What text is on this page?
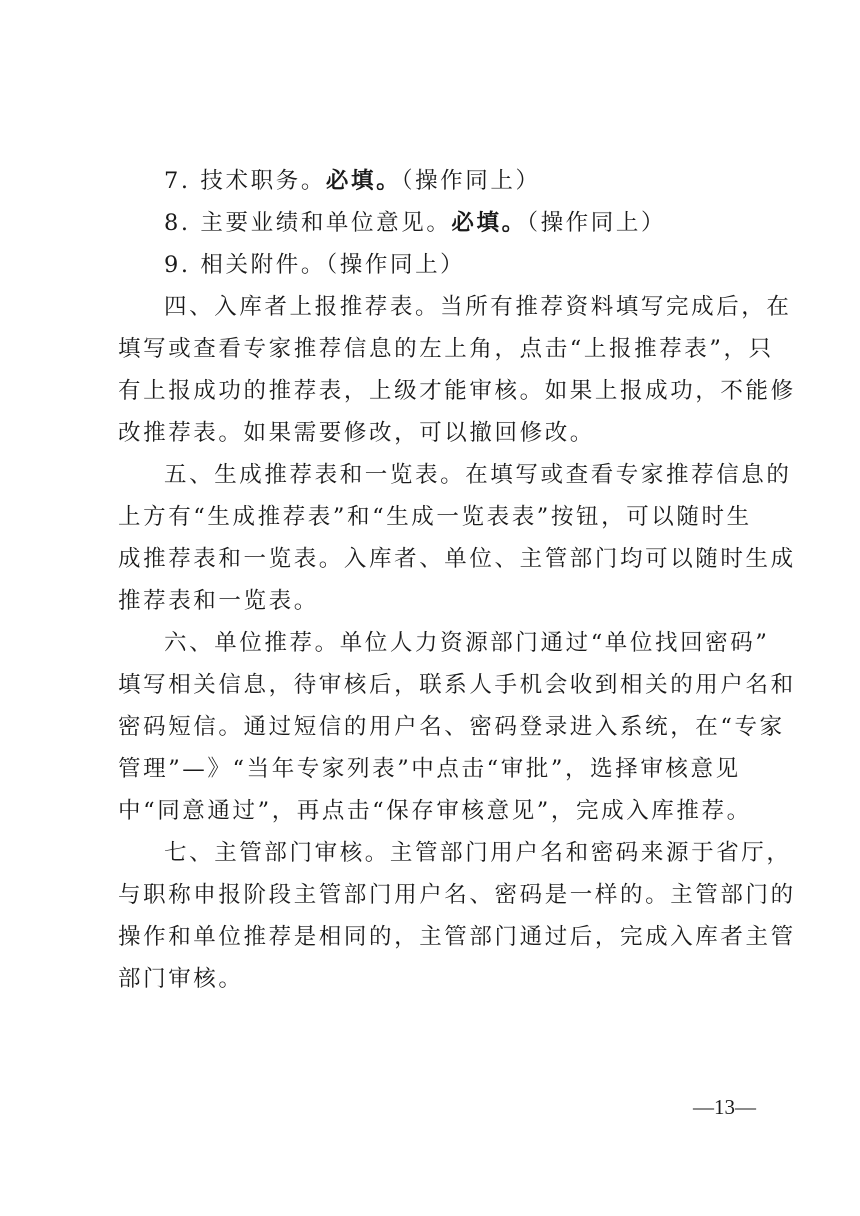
7. 技术职务。必填。（操作同上）
8. 主要业绩和单位意见。必填。（操作同上）
9. 相关附件。（操作同上）
四、入库者上报推荐表。当所有推荐资料填写完成后，在
填写或查看专家推荐信息的左上角，点击“上报推荐表”，只
有上报成功的推荐表，上级才能审核。如果上报成功，不能修
改推荐表。如果需要修改，可以撤回修改。
五、生成推荐表和一览表。在填写或查看专家推荐信息的
上方有“生成推荐表”和“生成一览表表”按钮，可以随时生
成推荐表和一览表。入库者、单位、主管部门均可以随时生成
推荐表和一览表。
六、单位推荐。单位人力资源部门通过“单位找回密码”
填写相关信息，待审核后，联系人手机会收到相关的用户名和
密码短信。通过短信的用户名、密码登录进入系统，在“专家
管理”—》“当年专家列表”中点击“审批”，选择审核意见
中“同意通过”，再点击“保存审核意见”，完成入库推荐。
七、主管部门审核。主管部门用户名和密码来源于省厅，
与职称申报阶段主管部门用户名、密码是一样的。主管部门的
操作和单位推荐是相同的，主管部门通过后，完成入库者主管
部门审核。
—13—
